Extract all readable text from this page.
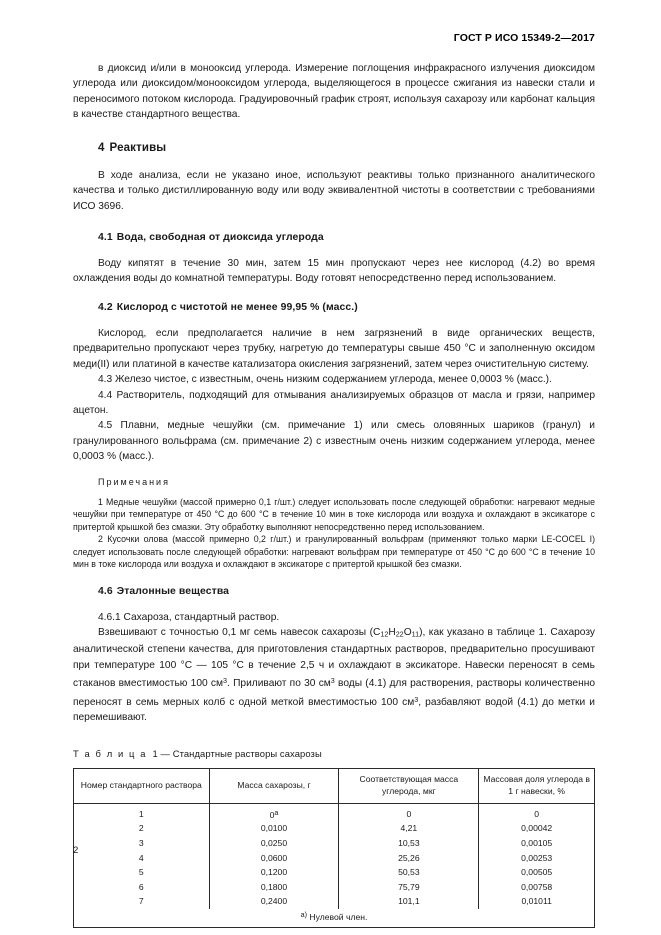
ГОСТ Р ИСО 15349-2—2017

в диоксид и/или в монооксид углерода. Измерение поглощения инфракрасного излучения диоксидом углерода или диоксидом/монооксидом углерода, выделяющегося в процессе сжигания из навески стали и переносимого потоком кислорода. Градуировочный график строят, используя сахарозу или карбонат кальция в качестве стандартного вещества.

4 Реактивы

В ходе анализа, если не указано иное, используют реактивы только признанного аналитического качества и только дистиллированную воду или воду эквивалентной чистоты в соответствии с требованиями ИСО 3696.

4.1 Вода, свободная от диоксида углерода

Воду кипятят в течение 30 мин, затем 15 мин пропускают через нее кислород (4.2) во время охлаждения воды до комнатной температуры. Воду готовят непосредственно перед использованием.

4.2 Кислород с чистотой не менее 99,95 % (масс.)

Кислород, если предполагается наличие в нем загрязнений в виде органических веществ, предварительно пропускают через трубку, нагретую до температуры свыше 450 °С и заполненную оксидом меди(II) или платиной в качестве катализатора окисления загрязнений, затем через очистительную систему.

4.3 Железо чистое, с известным, очень низким содержанием углерода, менее 0,0003 % (масс.).

4.4 Растворитель, подходящий для отмывания анализируемых образцов от масла и грязи, например ацетон.

4.5 Плавни, медные чешуйки (см. примечание 1) или смесь оловянных шариков (гранул) и гранулированного вольфрама (см. примечание 2) с известным очень низким содержанием углерода, менее 0,0003 % (масс.).

Примечания

1 Медные чешуйки (массой примерно 0,1 г/шт.) следует использовать после следующей обработки: нагревают медные чешуйки при температуре от 450 °С до 600 °С в течение 10 мин в токе кислорода или воздуха и охлаждают в эксикаторе с притертой крышкой без смазки. Эту обработку выполняют непосредственно перед использованием.

2 Кусочки олова (массой примерно 0,2 г/шт.) и гранулированный вольфрам (применяют только марки LE-COCEL I) следует использовать после следующей обработки: нагревают вольфрам при температуре от 450 °С до 600 °С в течение 10 мин в токе кислорода или воздуха и охлаждают в эксикаторе с притертой крышкой без смазки.

4.6 Эталонные вещества

4.6.1 Сахароза, стандартный раствор.

Взвешивают с точностью 0,1 мг семь навесок сахарозы $(C_{12}H_{22}O_{11})$, как указано в таблице 1. Сахарозу аналитической степени качества, для приготовления стандартных растворов, предварительно просушивают при температуре 100 °С — 105 °С в течение 2,5 ч и охлаждают в эксикаторе. Навески переносят в семь стаканов вместимостью 100 $см^3$. Приливают по 30 $см^3$ воды (4.1) для растворения, растворы количественно переносят в семь мерных колб с одной меткой вместимостью 100 $см^3$, разбавляют водой (4.1) до метки и перемешивают.

Т а б л и ц а 1 — Стандартные растворы сахарозы

Номер стандартного раствора	Масса сахарозы, г	Соответствующая масса углерода, мкг	Массовая доля углерода в 1 г навески, %
1	0$^a$	0	0
2	0,0100	4,21	0,00042
3	0,0250	10,53	0,00105
4	0,0600	25,26	0,00253
5	0,1200	50,53	0,00505
6	0,1800	75,79	0,00758
7	0,2400	101,1	0,01011
$^{a)}$ Нулевой член.			
2
